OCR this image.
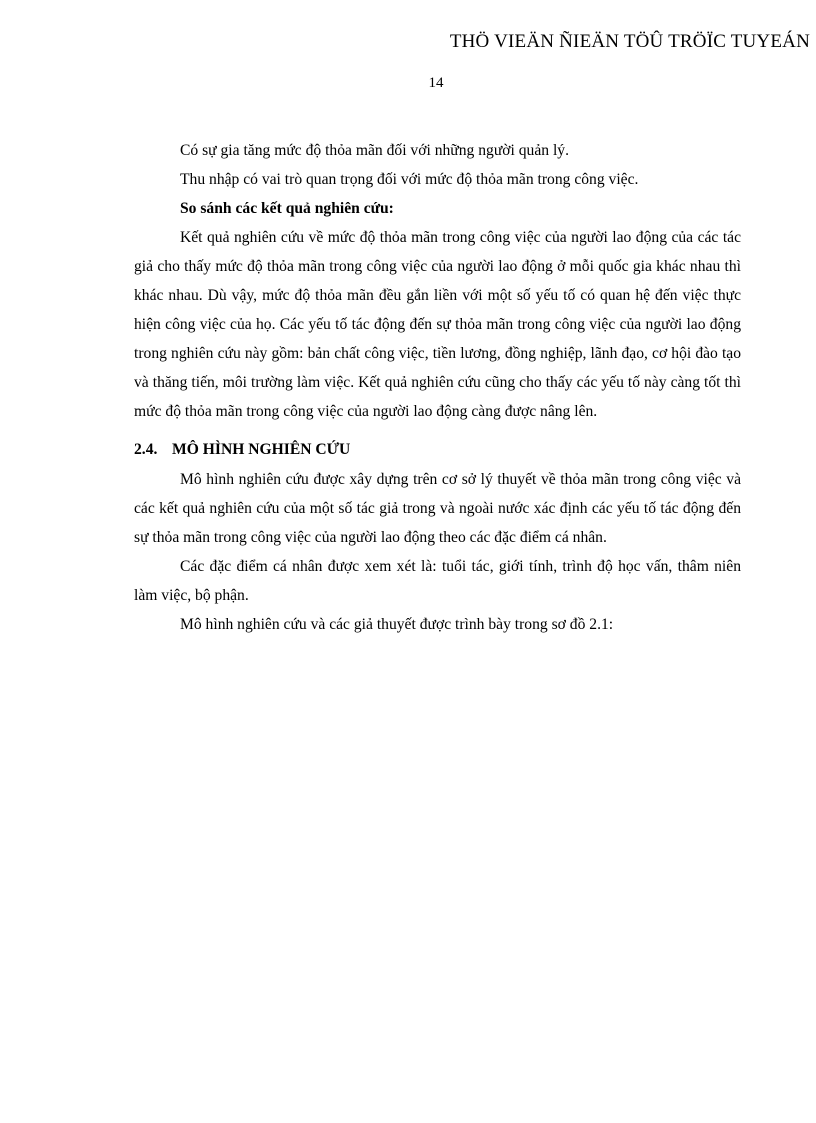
THÖ VIEÄN ÑIEÄN TÖÛ TRÖÏC TUYEÁN
14

Có sự gia tăng mức độ thỏa mãn đối với những người quản lý.

Thu nhập có vai trò quan trọng đối với mức độ thỏa mãn trong công việc.

So sánh các kết quả nghiên cứu:

Kết quả nghiên cứu về mức độ thỏa mãn trong công việc của người lao động của các tác giả cho thấy mức độ thỏa mãn trong công việc của người lao động ở mỗi quốc gia khác nhau thì khác nhau. Dù vậy, mức độ thỏa mãn đều gắn liền với một số yếu tố có quan hệ đến việc thực hiện công việc của họ. Các yếu tố tác động đến sự thỏa mãn trong công việc của người lao động trong nghiên cứu này gồm: bản chất công việc, tiền lương, đồng nghiệp, lãnh đạo, cơ hội đào tạo và thăng tiến, môi trường làm việc. Kết quả nghiên cứu cũng cho thấy các yếu tố này càng tốt thì mức độ thỏa mãn trong công việc của người lao động càng được nâng lên.

2.4. MÔ HÌNH NGHIÊN CỨU

Mô hình nghiên cứu được xây dựng trên cơ sở lý thuyết về thỏa mãn trong công việc và các kết quả nghiên cứu của một số tác giả trong và ngoài nước xác định các yếu tố tác động đến sự thỏa mãn trong công việc của người lao động theo các đặc điểm cá nhân.

Các đặc điểm cá nhân được xem xét là: tuổi tác, giới tính, trình độ học vấn, thâm niên làm việc, bộ phận.

Mô hình nghiên cứu và các giả thuyết được trình bày trong sơ đồ 2.1:
